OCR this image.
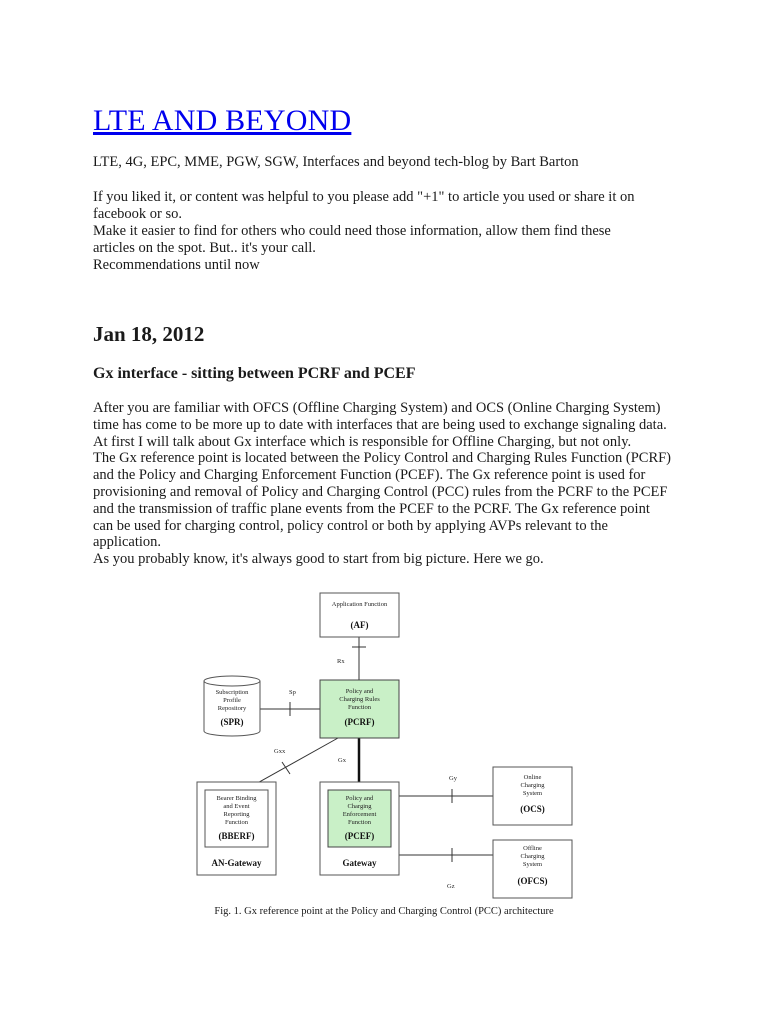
LTE AND BEYOND

LTE, 4G, EPC, MME, PGW, SGW, Interfaces and beyond tech-blog by Bart Barton

If you liked it, or content was helpful to you please add "+1" to article you used or share it on
facebook or so.
Make it easier to find for others who could need those information, allow them find these
articles on the spot. But.. it's your call.
Recommendations until now
Jan 18, 2012
Gx interface - sitting between PCRF and PCEF

After you are familiar with OFCS (Offline Charging System) and OCS (Online Charging System) time has come to be more up to date with interfaces that are being used to exchange signaling data. At first I will talk about Gx interface which is responsible for Offline Charging, but not only.

The Gx reference point is located between the Policy Control and Charging Rules Function (PCRF) and the Policy and Charging Enforcement Function (PCEF). The Gx reference point is used for provisioning and removal of Policy and Charging Control (PCC) rules from the PCRF to the PCEF and the transmission of traffic plane events from the PCEF to the PCRF. The Gx reference point can be used for charging control, policy control or both by applying AVPs relevant to the application.

As you probably know, it's always good to start from big picture. Here we go.

Rx
Sp
Gxx
Gx
Gy
Gz
Application Function
(AF)
Subscription
Profile
Repository
(SPR)
Policy and
Charging Rules
Function
(PCRF)
Bearer Binding
and Event
Reporting
Function
(BBERF)
AN-Gateway
Policy and
Charging
Enforcement
Function
(PCEF)
Gateway
Online
Charging
System
(OCS)
Offline
Charging
System
(OFCS)

Fig. 1. Gx reference point at the Policy and Charging Control (PCC) architecture
